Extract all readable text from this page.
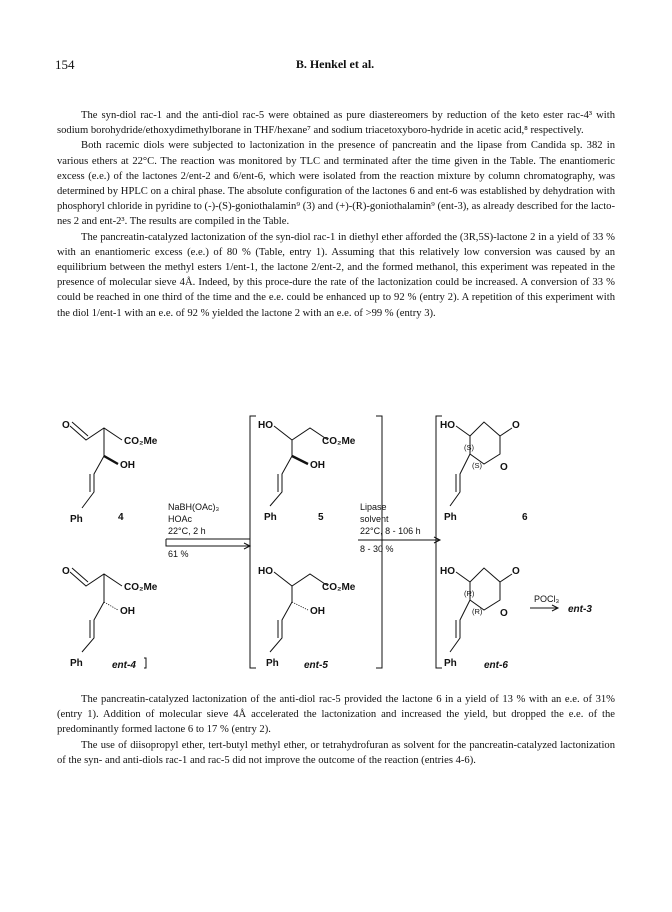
154	B. Henkel et al.

The syn-diol rac-1 and the anti-diol rac-5 were obtained as pure diastereomers by reduction of the keto ester rac-4³ with sodium borohydride/ethoxydimethylborane in THF/hexane⁷ and sodium triacetoxyboro-hydride in acetic acid,⁸ respectively.

Both racemic diols were subjected to lactonization in the presence of pancreatin and the lipase from Candida sp. 382 in various ethers at 22°C. The reaction was monitored by TLC and terminated after the time given in the Table. The enantiomeric excess (e.e.) of the lactones 2/ent-2 and 6/ent-6, which were isolated from the reaction mixture by column chromatography, was determined by HPLC on a chiral phase. The absolute configuration of the lactones 6 and ent-6 was established by dehydration with phosphoryl chloride in pyridine to (-)-(S)-goniothalamin⁹ (3) and (+)-(R)-goniothalamin⁹ (ent-3), as already described for the lacto-nes 2 and ent-2³. The results are compiled in the Table.

The pancreatin-catalyzed lactonization of the syn-diol rac-1 in diethyl ether afforded the (3R,5S)-lactone 2 in a yield of 33 % with an enantiomeric excess (e.e.) of 80 % (Table, entry 1). Assuming that this relatively low conversion was caused by an equilibrium between the methyl esters 1/ent-1, the lactone 2/ent-2, and the formed methanol, this experiment was repeated in the presence of molecular sieve 4Å. Indeed, by this proce-dure the rate of the lactonization could be increased. A conversion of 33 % could be reached in one third of the time and the e.e. could be enhanced up to 92 % (entry 2). A repetition of this experiment with the diol 1/ent-1 with an e.e. of 92 % yielded the lactone 2 with an e.e. of >99 % (entry 3).

O
CO₂Me
OH
Ph	4
O
CO₂Me
OH
Ph	ent-4
NaBH(OAc)₃
HOAc
22°C, 2 h
61 %
HO
CO₂Me
OH
Ph	5
HO
CO₂Me
OH
Ph	ent-5
Lipase
solvent
22°C, 8 - 106 h
8 - 30 %
HO	O
O
(S)
(S)
Ph	6
HO	O
O
(R)
(R)
Ph	ent-6
POCl₃
ent-3

The pancreatin-catalyzed lactonization of the anti-diol rac-5 provided the lactone 6 in a yield of 13 % with an e.e. of 31% (entry 1). Addition of molecular sieve 4Å accelerated the lactonization and increased the yield, but dropped the e.e. of the predominantly formed lactone 6 to 17 % (entry 2).

The use of diisopropyl ether, tert-butyl methyl ether, or tetrahydrofuran as solvent for the pancreatin-catalyzed lactonization of the syn- and anti-diols rac-1 and rac-5 did not improve the outcome of the reaction (entries 4-6).
